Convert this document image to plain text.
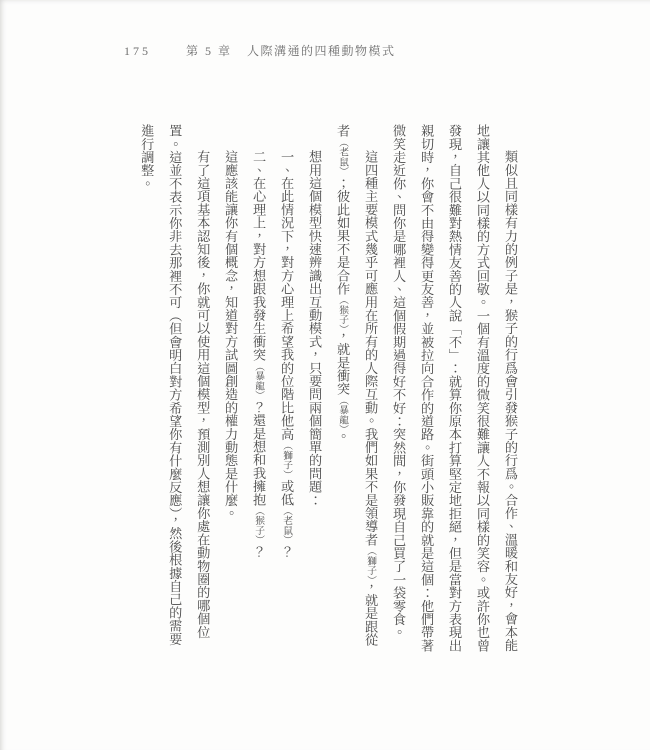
175	第 5 章 人際溝通的四種動物模式

類似且同樣有力的例子是，猴子的行爲會引發猴子的行爲。合作、溫暖和友好，會本能地讓其他人以同樣的方式回敬。一個有溫度的微笑很難讓人不報以同樣的笑容。或許你也曾發現，自己很難對熱情友善的人說「不」：就算你原本打算堅定地拒絕，但是當對方表現出親切時，你會不由得變得更友善，並被拉向合作的道路。街頭小販靠的就是這個：他們帶著微笑走近你、問你是哪裡人、這個假期過得好不好：突然間，你發現自己買了一袋零食。

這四種主要模式幾乎可應用在所有的人際互動。我們如果不是領導者（獅子），就是跟從者（老鼠）；彼此如果不是合作（猴子），就是衝突（暴龍）。

想用這個模型快速辨識出互動模式，只要問兩個簡單的問題：

一、在此情況下，對方心理上希望我的位階比他高（獅子）或低（老鼠）？

二、在心理上，對方想跟我發生衝突（暴龍）？還是想和我擁抱（猴子）？

這應該能讓你有個概念，知道對方試圖創造的權力動態是什麼。

有了這項基本認知後，你就可以使用這個模型，預測別人想讓你處在動物圈的哪個位置。這並不表示你非去那裡不可（但會明白對方希望你有什麼反應），然後根據自己的需要進行調整。
